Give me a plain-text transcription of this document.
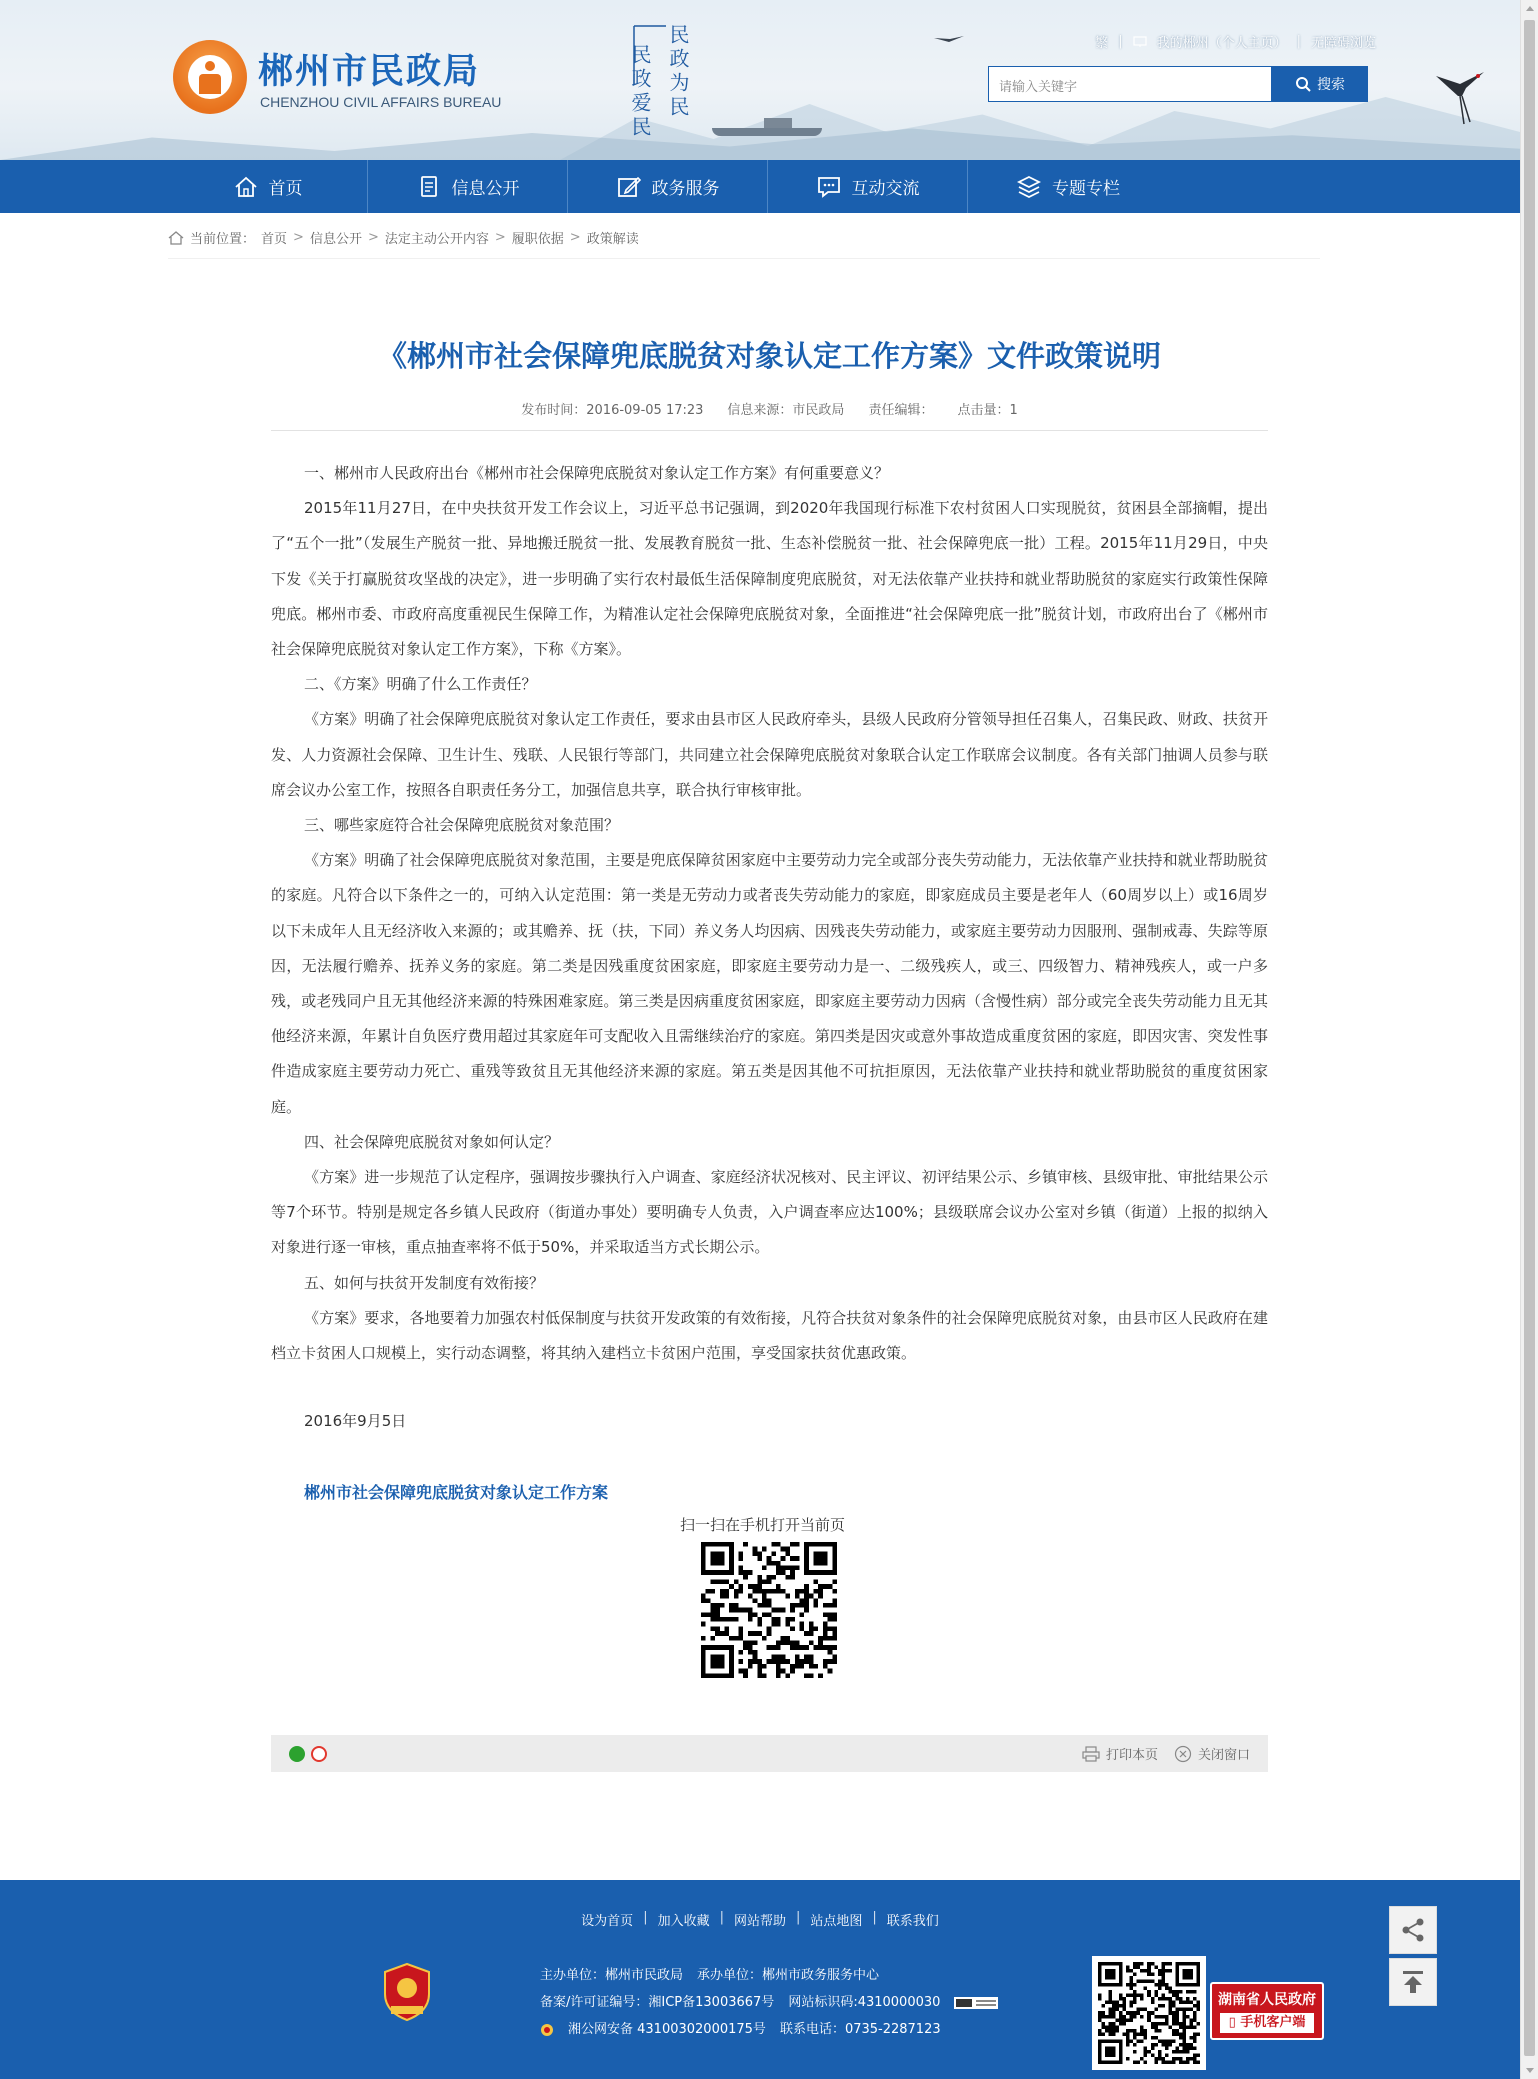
郴州市民政局
CHENZHOU CIVIL AFFAIRS BUREAU	民政为民
民政爱民
繁 |	我的郴州（个人主页） | 无障碍浏览
请输入关键字	搜索
首页	信息公开	政务服务	互动交流	专题专栏
当前位置： 首页 > 信息公开 > 法定主动公开内容 > 履职依据 > 政策解读
《郴州市社会保障兜底脱贫对象认定工作方案》文件政策说明
发布时间：2016-09-05 17:23 信息来源：市民政局 责任编辑： 点击量：1

一、郴州市人民政府出台《郴州市社会保障兜底脱贫对象认定工作方案》有何重要意义？

2015年11月27日，在中央扶贫开发工作会议上，习近平总书记强调，到2020年我国现行标准下农村贫困人口实现脱贫，贫困县全部摘帽，提出了“五个一批”（发展生产脱贫一批、异地搬迁脱贫一批、发展教育脱贫一批、生态补偿脱贫一批、社会保障兜底一批）工程。2015年11月29日，中央下发《关于打赢脱贫攻坚战的决定》，进一步明确了实行农村最低生活保障制度兜底脱贫，对无法依靠产业扶持和就业帮助脱贫的家庭实行政策性保障兜底。郴州市委、市政府高度重视民生保障工作，为精准认定社会保障兜底脱贫对象，全面推进“社会保障兜底一批”脱贫计划，市政府出台了《郴州市社会保障兜底脱贫对象认定工作方案》，下称《方案》。

二、《方案》明确了什么工作责任？

《方案》明确了社会保障兜底脱贫对象认定工作责任，要求由县市区人民政府牵头，县级人民政府分管领导担任召集人，召集民政、财政、扶贫开发、人力资源社会保障、卫生计生、残联、人民银行等部门，共同建立社会保障兜底脱贫对象联合认定工作联席会议制度。各有关部门抽调人员参与联席会议办公室工作，按照各自职责任务分工，加强信息共享，联合执行审核审批。

三、哪些家庭符合社会保障兜底脱贫对象范围？

《方案》明确了社会保障兜底脱贫对象范围，主要是兜底保障贫困家庭中主要劳动力完全或部分丧失劳动能力，无法依靠产业扶持和就业帮助脱贫的家庭。凡符合以下条件之一的，可纳入认定范围：第一类是无劳动力或者丧失劳动能力的家庭，即家庭成员主要是老年人（60周岁以上）或16周岁以下未成年人且无经济收入来源的；或其赡养、抚（扶，下同）养义务人均因病、因残丧失劳动能力，或家庭主要劳动力因服刑、强制戒毒、失踪等原因，无法履行赡养、抚养义务的家庭。第二类是因残重度贫困家庭，即家庭主要劳动力是一、二级残疾人，或三、四级智力、精神残疾人，或一户多残，或老残同户且无其他经济来源的特殊困难家庭。第三类是因病重度贫困家庭，即家庭主要劳动力因病（含慢性病）部分或完全丧失劳动能力且无其他经济来源，年累计自负医疗费用超过其家庭年可支配收入且需继续治疗的家庭。第四类是因灾或意外事故造成重度贫困的家庭，即因灾害、突发性事件造成家庭主要劳动力死亡、重残等致贫且无其他经济来源的家庭。第五类是因其他不可抗拒原因，无法依靠产业扶持和就业帮助脱贫的重度贫困家庭。

四、社会保障兜底脱贫对象如何认定？

《方案》进一步规范了认定程序，强调按步骤执行入户调查、家庭经济状况核对、民主评议、初评结果公示、乡镇审核、县级审批、审批结果公示等7个环节。特别是规定各乡镇人民政府（街道办事处）要明确专人负责，入户调查率应达100%；县级联席会议办公室对乡镇（街道）上报的拟纳入对象进行逐一审核，重点抽查率将不低于50%，并采取适当方式长期公示。

五、如何与扶贫开发制度有效衔接？

《方案》要求，各地要着力加强农村低保制度与扶贫开发政策的有效衔接，凡符合扶贫对象条件的社会保障兜底脱贫对象，由县市区人民政府在建档立卡贫困人口规模上，实行动态调整，将其纳入建档立卡贫困户范围，享受国家扶贫优惠政策。

2016年9月5日
郴州市社会保障兜底脱贫对象认定工作方案
扫一扫在手机打开当前页
打印本页	关闭窗口
设为首页 | 加入收藏 | 网站帮助 | 站点地图 | 联系我们
主办单位：郴州市民政局 承办单位：郴州市政务服务中心
备案/许可证编号：湘ICP备13003667号 网站标识码:4310000030
湘公网安备 43100302000175号 联系电话：0735-2287123
湖南省人民政府
▯ 手机客户端
